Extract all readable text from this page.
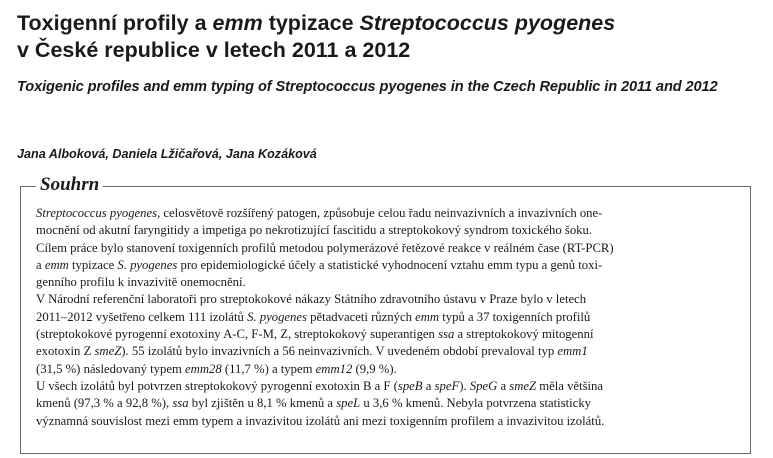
Toxigenní profily a emm typizace Streptococcus pyogenes
v České republice v letech 2011 a 2012
Toxigenic profiles and emm typing of Streptococcus pyogenes in the Czech Republic in 2011 and 2012
Jana Alboková, Daniela Lžičařová, Jana Kozáková
Souhrn
Streptococcus pyogenes, celosvětově rozšířený patogen, způsobuje celou řadu neinvazivních a invazivních one-
mocnění od akutní faryngitidy a impetiga po nekrotizující fascitidu a streptokokový syndrom toxického šoku.
Cílem práce bylo stanovení toxigenních profilů metodou polymerázové řetězové reakce v reálném čase (RT-PCR)
a emm typizace S. pyogenes pro epidemiologické účely a statistické vyhodnocení vztahu emm typu a genů toxi-
genního profilu k invazivitě onemocnění.
V Národní referenční laboratoři pro streptokokové nákazy Státního zdravotního ústavu v Praze bylo v letech
2011–2012 vyšetřeno celkem 111 izolátů S. pyogenes pětadvaceti různých emm typů a 37 toxigenních profilů
(streptokokové pyrogenní exotoxiny A-C, F-M, Z, streptokokový superantigen ssa a streptokokový mitogenní
exotoxin Z smeZ). 55 izolátů bylo invazivních a 56 neinvazivních. V uvedeném období prevaloval typ emm1
(31,5 %) následovaný typem emm28 (11,7 %) a typem emm12 (9,9 %).
U všech izolátů byl potvrzen streptokokový pyrogenní exotoxin B a F (speB a speF). SpeG a smeZ měla většina
kmenů (97,3 % a 92,8 %), ssa byl zjištěn u 8,1 % kmenů a speL u 3,6 % kmenů. Nebyla potvrzena statisticky
významná souvislost mezi emm typem a invazivitou izolátů ani mezi toxigenním profilem a invazivitou izolátů.
